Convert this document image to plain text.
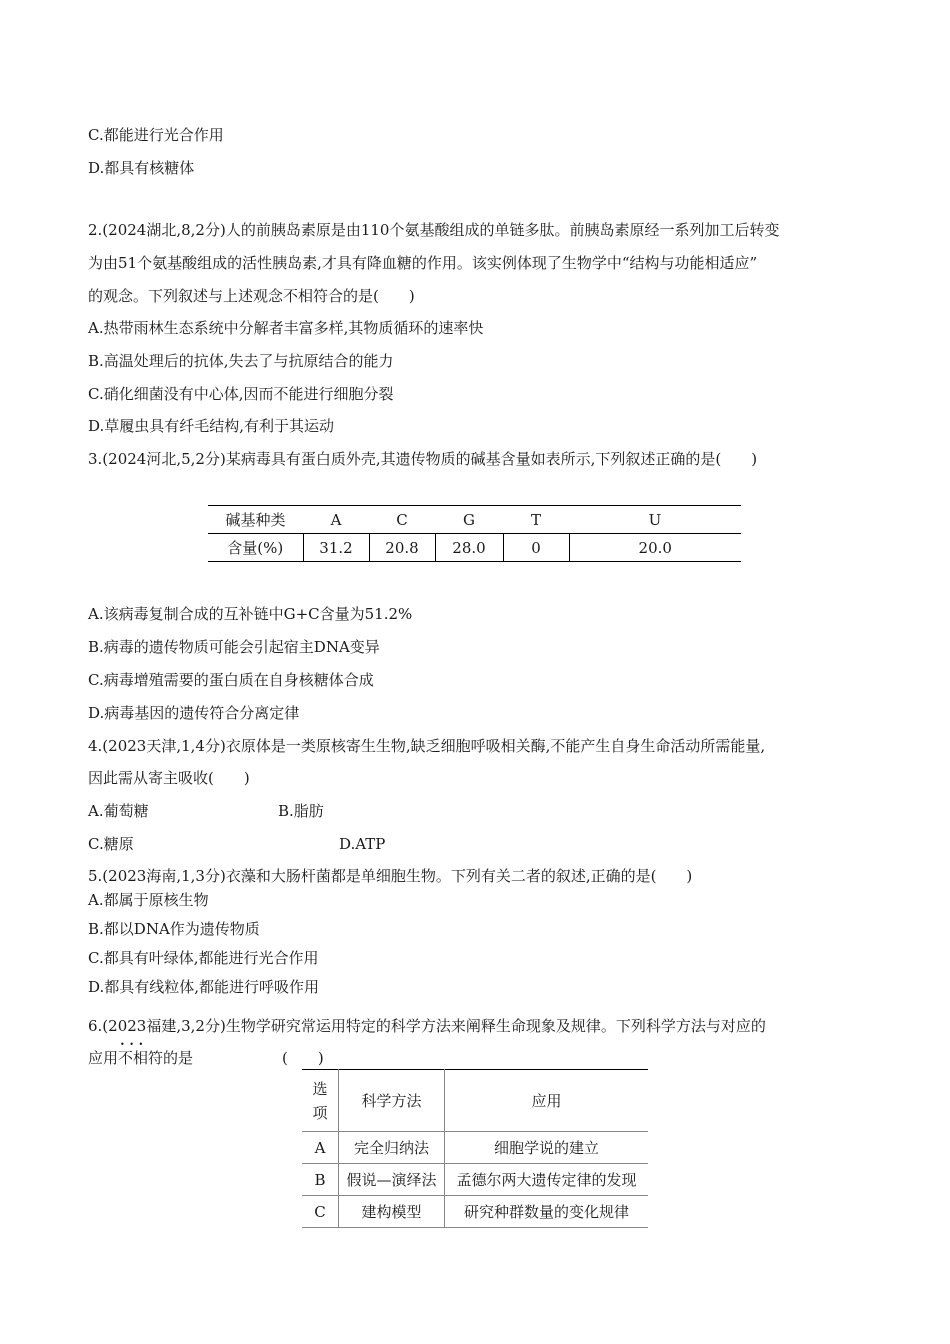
C.都能进行光合作用
D.都具有核糖体
2.(2024湖北,8,2分)人的前胰岛素原是由110个氨基酸组成的单链多肽。前胰岛素原经一系列加工后转变
为由51个氨基酸组成的活性胰岛素,才具有降血糖的作用。该实例体现了生物学中“结构与功能相适应”
的观念。下列叙述与上述观念不相符合的是(　　)
A.热带雨林生态系统中分解者丰富多样,其物质循环的速率快
B.高温处理后的抗体,失去了与抗原结合的能力
C.硝化细菌没有中心体,因而不能进行细胞分裂
D.草履虫具有纤毛结构,有利于其运动
3.(2024河北,5,2分)某病毒具有蛋白质外壳,其遗传物质的碱基含量如表所示,下列叙述正确的是(　　)
碱基种类	A	C	G	T	U
含量(%)	31.2	20.8	28.0	0	20.0
A.该病毒复制合成的互补链中G+C含量为51.2%
B.病毒的遗传物质可能会引起宿主DNA变异
C.病毒增殖需要的蛋白质在自身核糖体合成
D.病毒基因的遗传符合分离定律
4.(2023天津,1,4分)衣原体是一类原核寄生生物,缺乏细胞呼吸相关酶,不能产生自身生命活动所需能量,
因此需从寄主吸收(　　)
A.葡萄糖	B.脂肪
C.糖原	D.ATP
5.(2023海南,1,3分)衣藻和大肠杆菌都是单细胞生物。下列有关二者的叙述,正确的是(　　)
A.都属于原核生物
B.都以DNA作为遗传物质
C.都具有叶绿体,都能进行光合作用
D.都具有线粒体,都能进行呼吸作用
6.(2023福建,3,2分)生物学研究常运用特定的科学方法来阐释生命现象及规律。下列科学方法与对应的
应用不相符 • • •的是	(　　)
选
项	科学方法	应用
A	完全归纳法	细胞学说的建立
B	假说—演绎法	孟德尔两大遗传定律的发现
C	建构模型	研究种群数量的变化规律
